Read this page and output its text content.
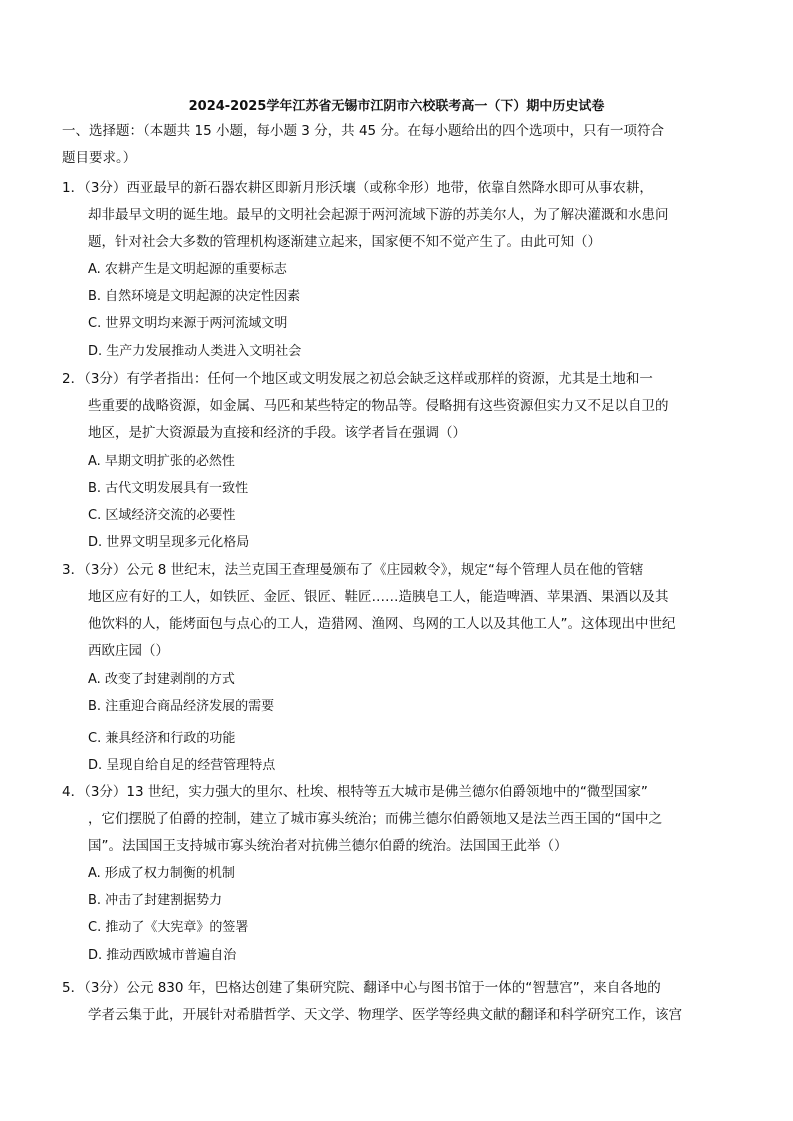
2024-2025学年江苏省无锡市江阴市六校联考高一（下）期中历史试卷
一、选择题：（本题共 15 小题，每小题 3 分，共 45 分。在每小题给出的四个选项中，只有一项符合
题目要求。）
1．（3分）西亚最早的新石器农耕区即新月形沃壤（或称伞形）地带，依靠自然降水即可从事农耕，
却非最早文明的诞生地。最早的文明社会起源于两河流域下游的苏美尔人，为了解决灌溉和水患问
题，针对社会大多数的管理机构逐渐建立起来，国家便不知不觉产生了。由此可知（）
A. 农耕产生是文明起源的重要标志
B. 自然环境是文明起源的决定性因素
C. 世界文明均来源于两河流域文明
D. 生产力发展推动人类进入文明社会
2．（3分）有学者指出：任何一个地区或文明发展之初总会缺乏这样或那样的资源，尤其是土地和一
些重要的战略资源，如金属、马匹和某些特定的物品等。侵略拥有这些资源但实力又不足以自卫的
地区，是扩大资源最为直接和经济的手段。该学者旨在强调（）
A. 早期文明扩张的必然性
B. 古代文明发展具有一致性
C. 区域经济交流的必要性
D. 世界文明呈现多元化格局
3．（3分）公元 8 世纪末，法兰克国王查理曼颁布了《庄园敕令》，规定“每个管理人员在他的管辖
地区应有好的工人，如铁匠、金匠、银匠、鞋匠……造胰皂工人，能造啤酒、苹果酒、果酒以及其
他饮料的人，能烤面包与点心的工人，造猎网、渔网、鸟网的工人以及其他工人”。这体现出中世纪
西欧庄园（）
A. 改变了封建剥削的方式
B. 注重迎合商品经济发展的需要
C. 兼具经济和行政的功能
D. 呈现自给自足的经营管理特点
4．（3分）13 世纪，实力强大的里尔、杜埃、根特等五大城市是佛兰德尔伯爵领地中的“微型国家”
，它们摆脱了伯爵的控制，建立了城市寡头统治；而佛兰德尔伯爵领地又是法兰西王国的“国中之
国”。法国国王支持城市寡头统治者对抗佛兰德尔伯爵的统治。法国国王此举（）
A. 形成了权力制衡的机制
B. 冲击了封建割据势力
C. 推动了《大宪章》的签署
D. 推动西欧城市普遍自治
5．（3分）公元 830 年，巴格达创建了集研究院、翻译中心与图书馆于一体的“智慧宫”，来自各地的
学者云集于此，开展针对希腊哲学、天文学、物理学、医学等经典文献的翻译和科学研究工作，该宫
